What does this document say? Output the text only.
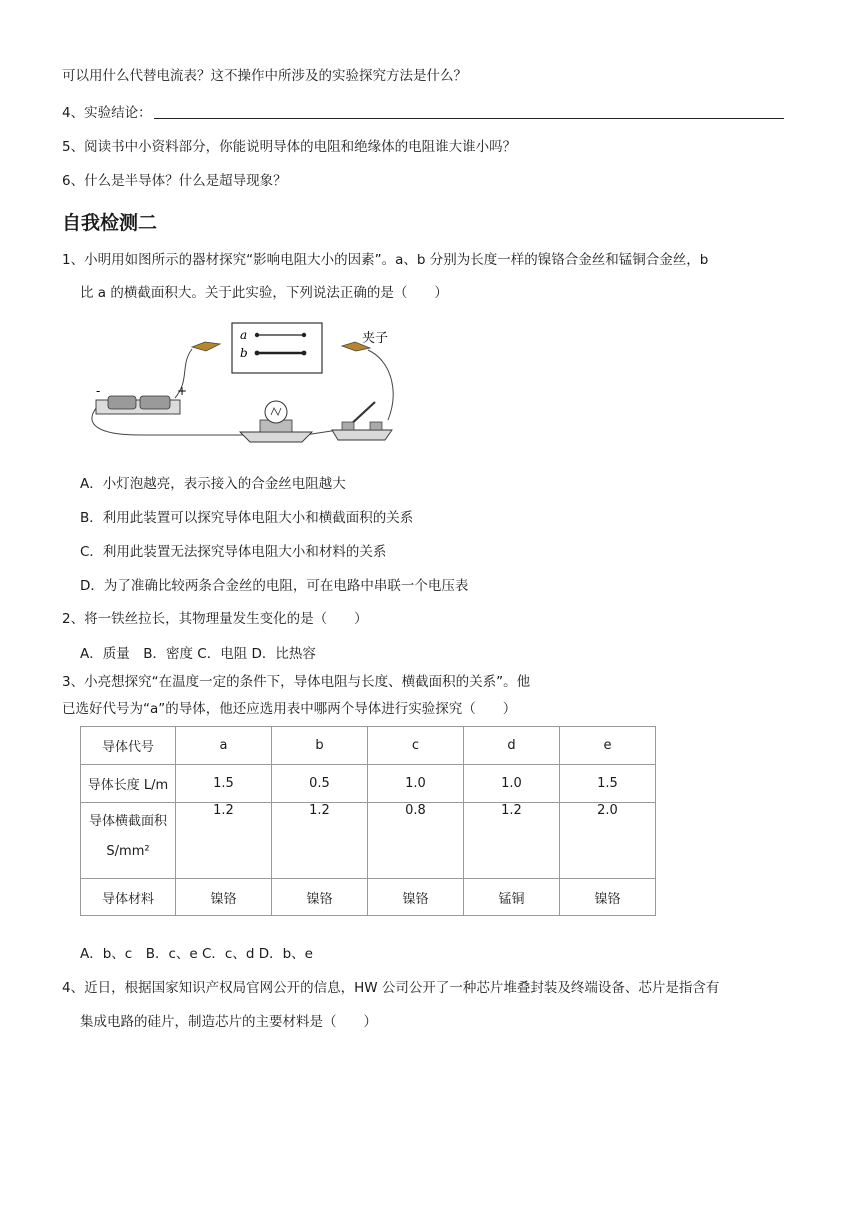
可以用什么代替电流表？这不操作中所涉及的实验探究方法是什么？
4、实验结论：
5、阅读书中小资料部分，你能说明导体的电阻和绝缘体的电阻谁大谁小吗？
6、什么是半导体？什么是超导现象？
自我检测二
1、小明用如图所示的器材探究“影响电阻大小的因素”。a、b 分别为长度一样的镍铬合金丝和锰铜合金丝，b
比 a 的横截面积大。关于此实验，下列说法正确的是（　　）
a
b
夹子
-	+
A．小灯泡越亮，表示接入的合金丝电阻越大
B．利用此装置可以探究导体电阻大小和横截面积的关系
C．利用此装置无法探究导体电阻大小和材料的关系
D．为了准确比较两条合金丝的电阻，可在电路中串联一个电压表
2、将一铁丝拉长，其物理量发生变化的是（　　）
A．质量　B．密度 C．电阻 D．比热容
3、小亮想探究“在温度一定的条件下，导体电阻与长度、横截面积的关系”。他
已选好代号为“a”的导体，他还应选用表中哪两个导体进行实验探究（　　）
导体代号	a	b	c	d	e
导体长度 L/m	1.5	0.5	1.0	1.0	1.5
导体横截面积
S/mm²	1.2	1.2	0.8	1.2	2.0
导体材料	镍铬	镍铬	镍铬	锰铜	镍铬
A．b、c　B．c、e C．c、d D．b、e
4、近日，根据国家知识产权局官网公开的信息，HW 公司公开了一种芯片堆叠封装及终端设备、芯片是指含有
集成电路的硅片，制造芯片的主要材料是（　　）
